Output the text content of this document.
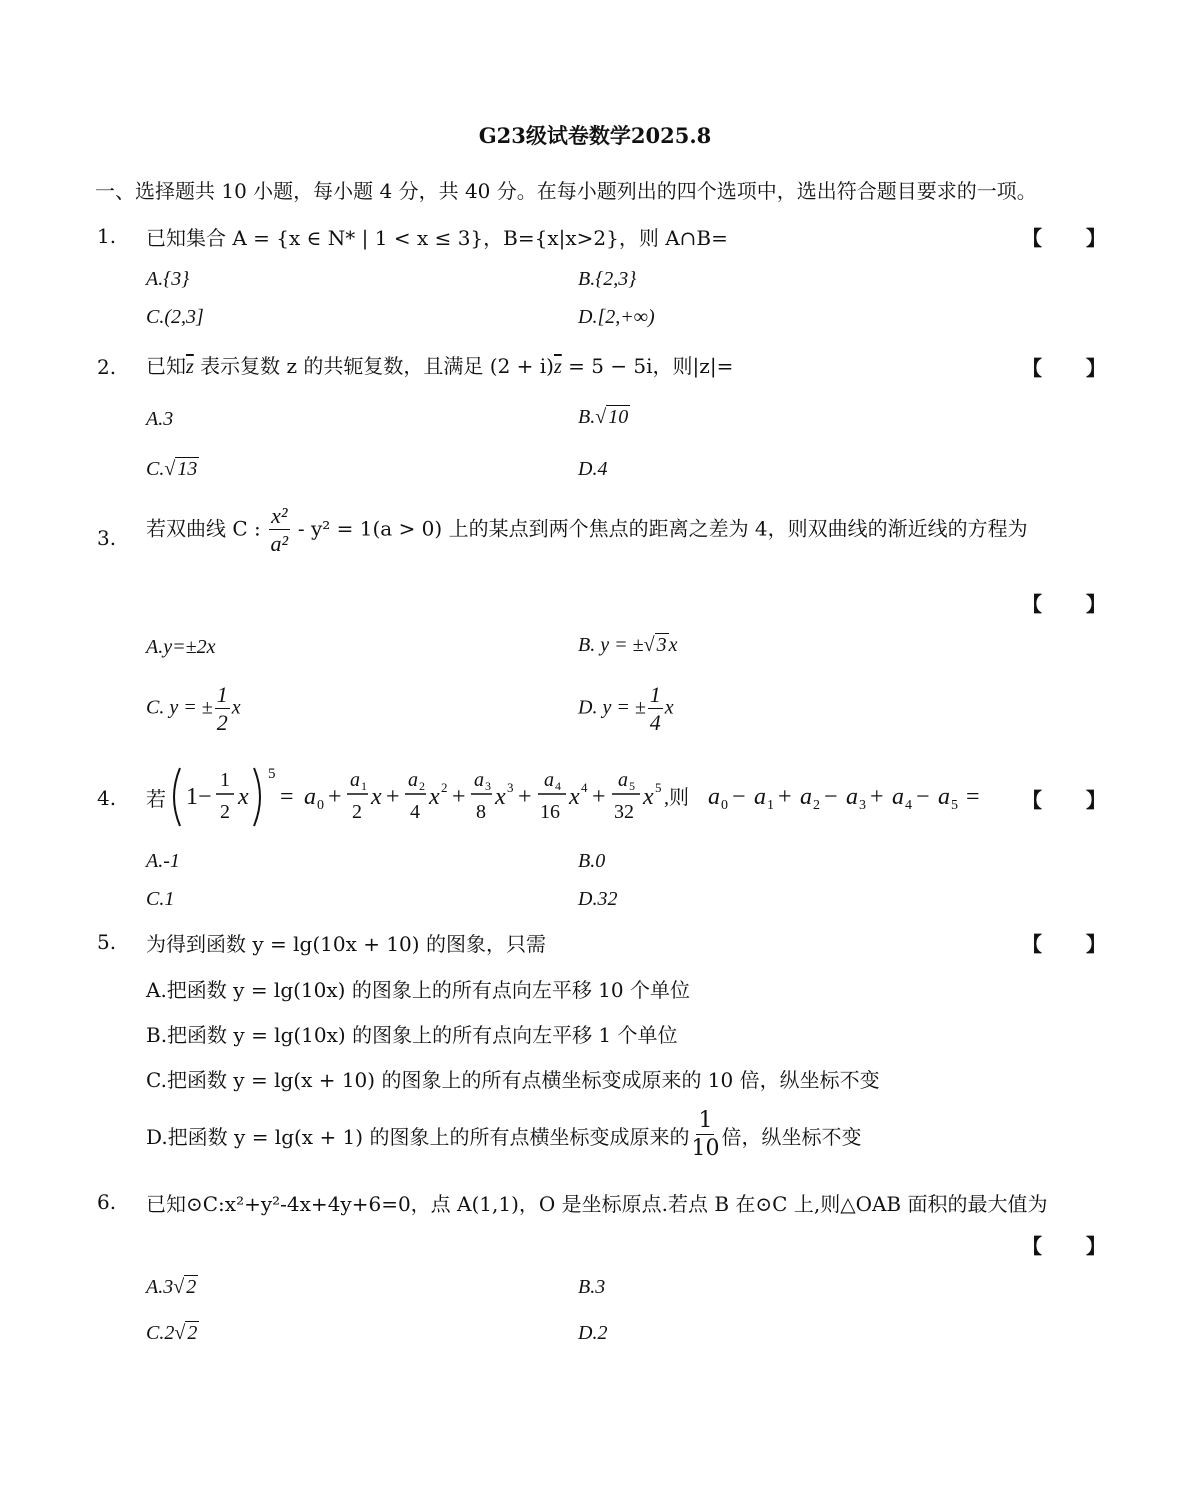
G23级试卷数学2025.8
一、选择题共 10 小题，每小题 4 分，共 40 分。在每小题列出的四个选项中，选出符合题目要求的一项。
1. 已知集合 A = {x ∈ N* | 1 < x ≤ 3}，B={x|x>2}，则 A∩B=	【 】
A.{3}	B.{2,3}
C.(2,3]	D.[2,+∞)
2. 已知$\overline{z}$ 表示复数 z 的共轭复数，且满足 $(2 + i)\overline{z} = 5 - 5i$，则|z|=	【 】
A.3	B.√ 10
C.√ 13	D.4
3. 若双曲线 C : $\frac{\text{x²}}{\text{a²}} - y^2 = 1(a > 0)$ 上的某点到两个焦点的距离之差为 4，则双曲线的渐近线的方程为
【 】
A.y=±2x	B. y = ±√ 3 x
C. y = ± $\frac{1}{2}$ x	D. y = ± $\frac{1}{4}$ x
4. 若 1−
1
2
x
5
= a 0 +
a 1
2
x +
a 2
4
x 2 +
a 3
8
x 3 +
a 4
16
x 4 +
a 5
32
x 5 ,则 a 0 − a 1 + a 2 − a 3 + a 4 − a 5 = 【 】
A.-1	B.0
C.1	D.32
5. 为得到函数 y = lg(10x + 10) 的图象，只需	【 】
A.把函数 y = lg(10x) 的图象上的所有点向左平移 10 个单位
B.把函数 y = lg(10x) 的图象上的所有点向左平移 1 个单位
C.把函数 y = lg(x + 10) 的图象上的所有点横坐标变成原来的 10 倍，纵坐标不变
D.把函数 y = lg(x + 1) 的图象上的所有点横坐标变成原来的 $\frac{1}{10}$ 倍，纵坐标不变
6. 已知⊙C:x²+y²-4x+4y+6=0，点 A(1,1)，O 是坐标原点.若点 B 在⊙C 上,则△OAB 面积的最大值为
【 】
A.3√ 2	B.3
C.2√ 2	D.2
